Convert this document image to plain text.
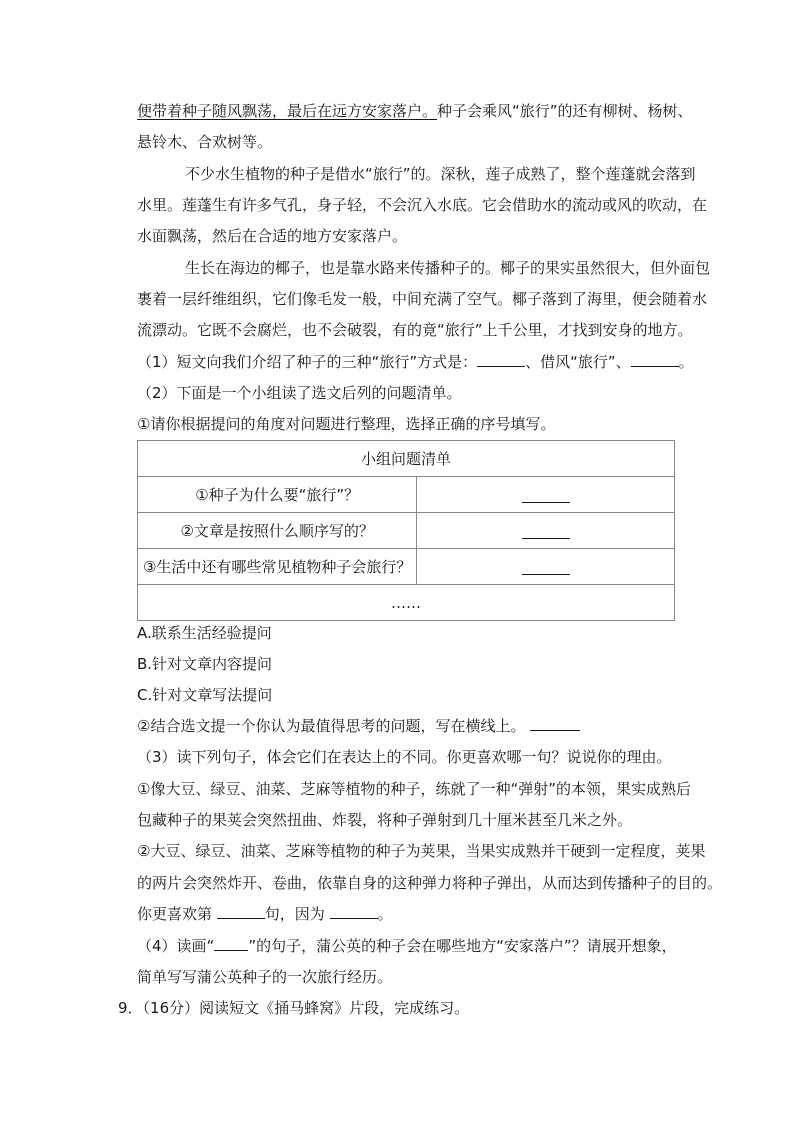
便带着种子随风飘荡，最后在远方安家落户。种子会乘风“旅行”的还有柳树、杨树、
悬铃木、合欢树等。
不少水生植物的种子是借水“旅行”的。深秋，莲子成熟了，整个莲蓬就会落到
水里。莲蓬生有许多气孔，身子轻，不会沉入水底。它会借助水的流动或风的吹动，在
水面飘荡，然后在合适的地方安家落户。
生长在海边的椰子，也是靠水路来传播种子的。椰子的果实虽然很大，但外面包
裹着一层纤维组织，它们像毛发一般，中间充满了空气。椰子落到了海里，便会随着水
流漂动。它既不会腐烂，也不会破裂，有的竟“旅行”上千公里，才找到安身的地方。
（1）短文向我们介绍了种子的三种“旅行”方式是：	、借风“旅行”、	。
（2）下面是一个小组读了选文后列的问题清单。
①请你根据提问的角度对问题进行整理，选择正确的序号填写。
小组问题清单	
①种子为什么要“旅行”？	
②文章是按照什么顺序写的？	
③生活中还有哪些常见植物种子会旅行？	
……	
A.联系生活经验提问
B.针对文章内容提问
C.针对文章写法提问
②结合选文提一个你认为最值得思考的问题，写在横线上。
（3）读下列句子，体会它们在表达上的不同。你更喜欢哪一句？说说你的理由。
①像大豆、绿豆、油菜、芝麻等植物的种子，练就了一种“弹射”的本领，果实成熟后
包藏种子的果荚会突然扭曲、炸裂，将种子弹射到几十厘米甚至几米之外。
②大豆、绿豆、油菜、芝麻等植物的种子为荚果，当果实成熟并干硬到一定程度，荚果
的两片会突然炸开、卷曲，依靠自身的这种弹力将种子弹出，从而达到传播种子的目的。
你更喜欢第	句，因为	。
（4）读画“ ”的句子，蒲公英的种子会在哪些地方“安家落户”？请展开想象，
简单写写蒲公英种子的一次旅行经历。
9．（16分）阅读短文《捅马蜂窝》片段，完成练习。
